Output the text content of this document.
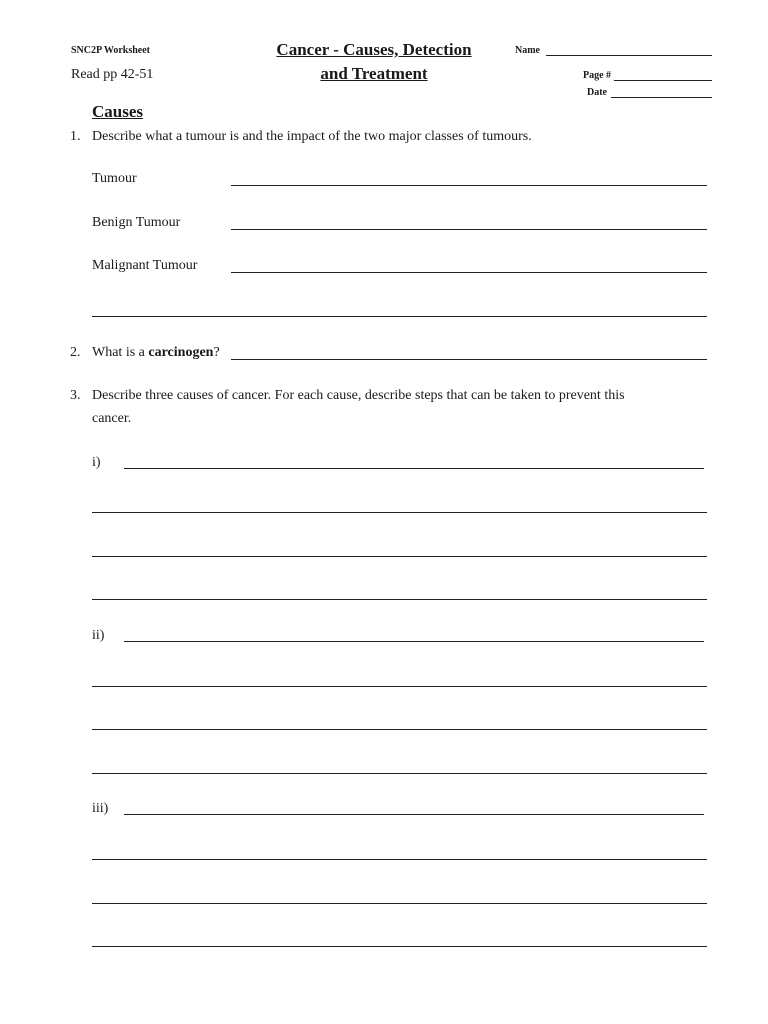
SNC2P Worksheet
Read pp 42-51
Cancer - Causes, Detection
and Treatment
Name
Page #
Date
Causes
1. Describe what a tumour is and the impact of the two major classes of tumours.
Tumour
Benign Tumour
Malignant Tumour
2. What is a carcinogen?
3. Describe three causes of cancer. For each cause, describe steps that can be taken to prevent this
cancer.
i)
ii)
iii)
